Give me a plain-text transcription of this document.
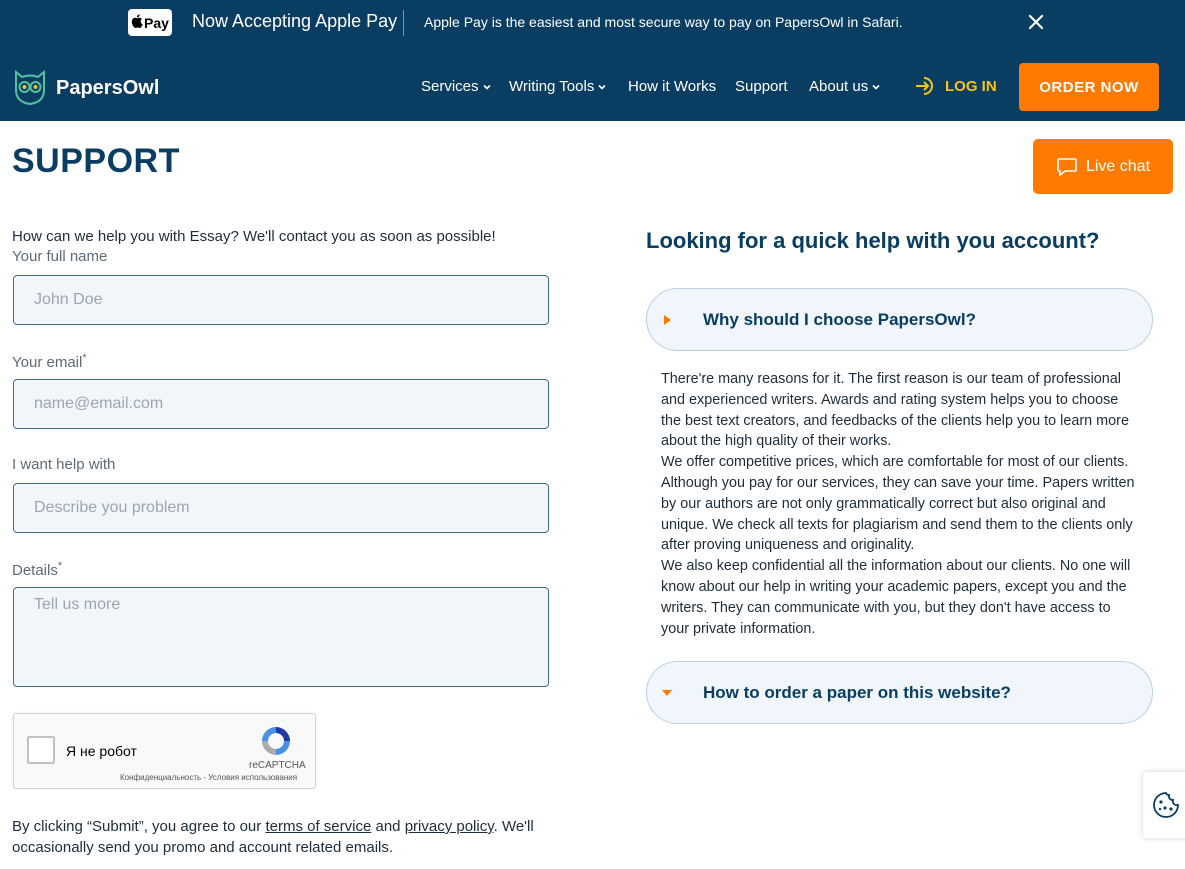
Pay Now Accepting Apple Pay Apple Pay is the easiest and most secure way to pay on PapersOwl in Safari.
PapersOwl	Services Writing Tools How it Works Support About us	LOG IN	ORDER NOW
SUPPORT	Live chat
How can we help you with Essay? We'll contact you as soon as possible!
Your full name
John Doe
Your email*
name@email.com
I want help with
Describe you problem
Details*
Tell us more
Я не робот
reCAPTCHA
Конфиденциальность - Условия использования
By clicking “Submit”, you agree to our terms of service and privacy policy. We'll occasionally send you promo and account related emails.
Looking for a quick help with you account?
Why should I choose PapersOwl?
There're many reasons for it. The first reason is our team of professional and experienced writers. Awards and rating system helps you to choose the best text creators, and feedbacks of the clients help you to learn more about the high quality of their works.
We offer competitive prices, which are comfortable for most of our clients. Although you pay for our services, they can save your time. Papers written by our authors are not only grammatically correct but also original and unique. We check all texts for plagiarism and send them to the clients only after proving uniqueness and originality.
We also keep confidential all the information about our clients. No one will know about our help in writing your academic papers, except you and the writers. They can communicate with you, but they don't have access to your private information.
How to order a paper on this website?
